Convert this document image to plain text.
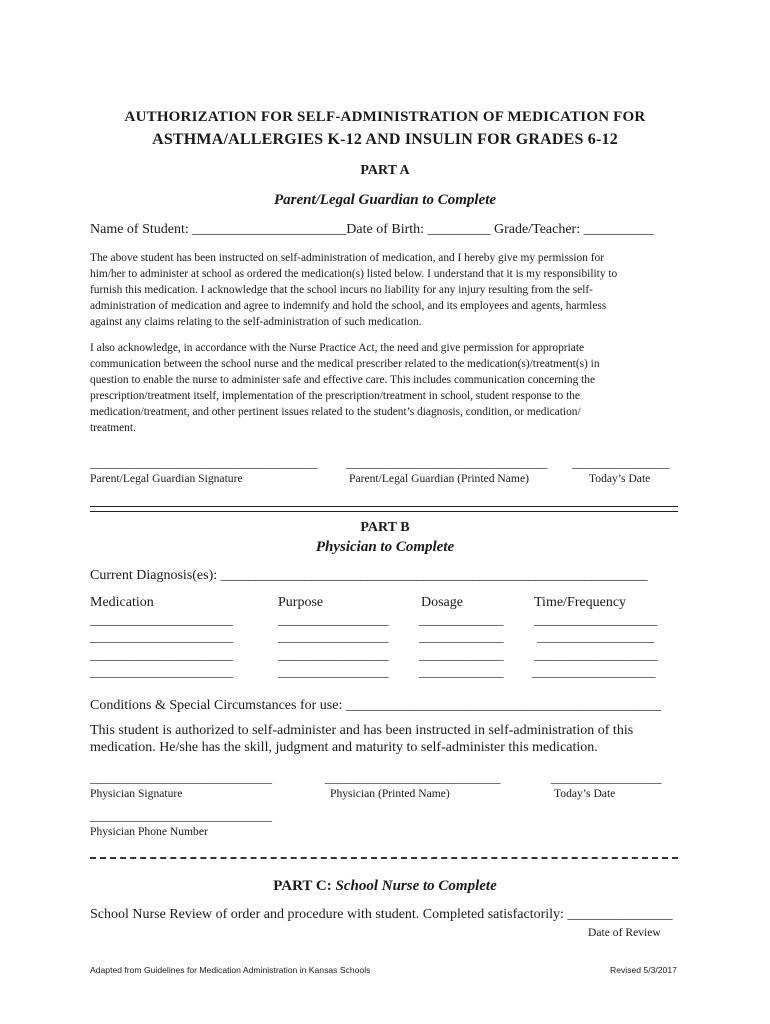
AUTHORIZATION FOR SELF-ADMINISTRATION OF MEDICATION FOR
ASTHMA/ALLERGIES K-12 AND INSULIN FOR GRADES 6-12
PART A
Parent/Legal Guardian to Complete
Name of Student: ______________________Date of Birth: _________ Grade/Teacher: __________

The above student has been instructed on self-administration of medication, and I hereby give my permission for

him/her to administer at school as ordered the medication(s) listed below. I understand that it is my responsibility to

furnish this medication. I acknowledge that the school incurs no liability for any injury resulting from the self-

administration of medication and agree to indemnify and hold the school, and its employees and agents, harmless

against any claims relating to the self-administration of such medication.

I also acknowledge, in accordance with the Nurse Practice Act, the need and give permission for appropriate

communication between the school nurse and the medical prescriber related to the medication(s)/treatment(s) in

question to enable the nurse to administer safe and effective care. This includes communication concerning the

prescription/treatment itself, implementation of the prescription/treatment in school, student response to the

medication/treatment, and other pertinent issues related to the student’s diagnosis, condition, or medication/

treatment.

___________________________________ _______________________________ _______________
Parent/Legal Guardian Signature	Parent/Legal Guardian (Printed Name)	Today’s Date
PART B
Physician to Complete
Current Diagnosis(es): _____________________________________________________________
Medication	Purpose	Dosage	Time/Frequency
______________________	_________________ _____________ ___________________
______________________	_________________ _____________	__________________
______________________	_________________ _____________ ___________________
______________________	_________________ _____________ ___________________
Conditions & Special Circumstances for use: _____________________________________________
This student is authorized to self-administer and has been instructed in self-administration of this
medication. He/she has the skill, judgment and maturity to self-administer this medication.
____________________________	___________________________	_________________
Physician Signature	Physician (Printed Name)	Today’s Date
____________________________
Physician Phone Number
PART C: School Nurse to Complete
School Nurse Review of order and procedure with student. Completed satisfactorily: _______________
Date of Review
Adapted from Guidelines for Medication Administration in Kansas Schools	Revised 5/3/2017
